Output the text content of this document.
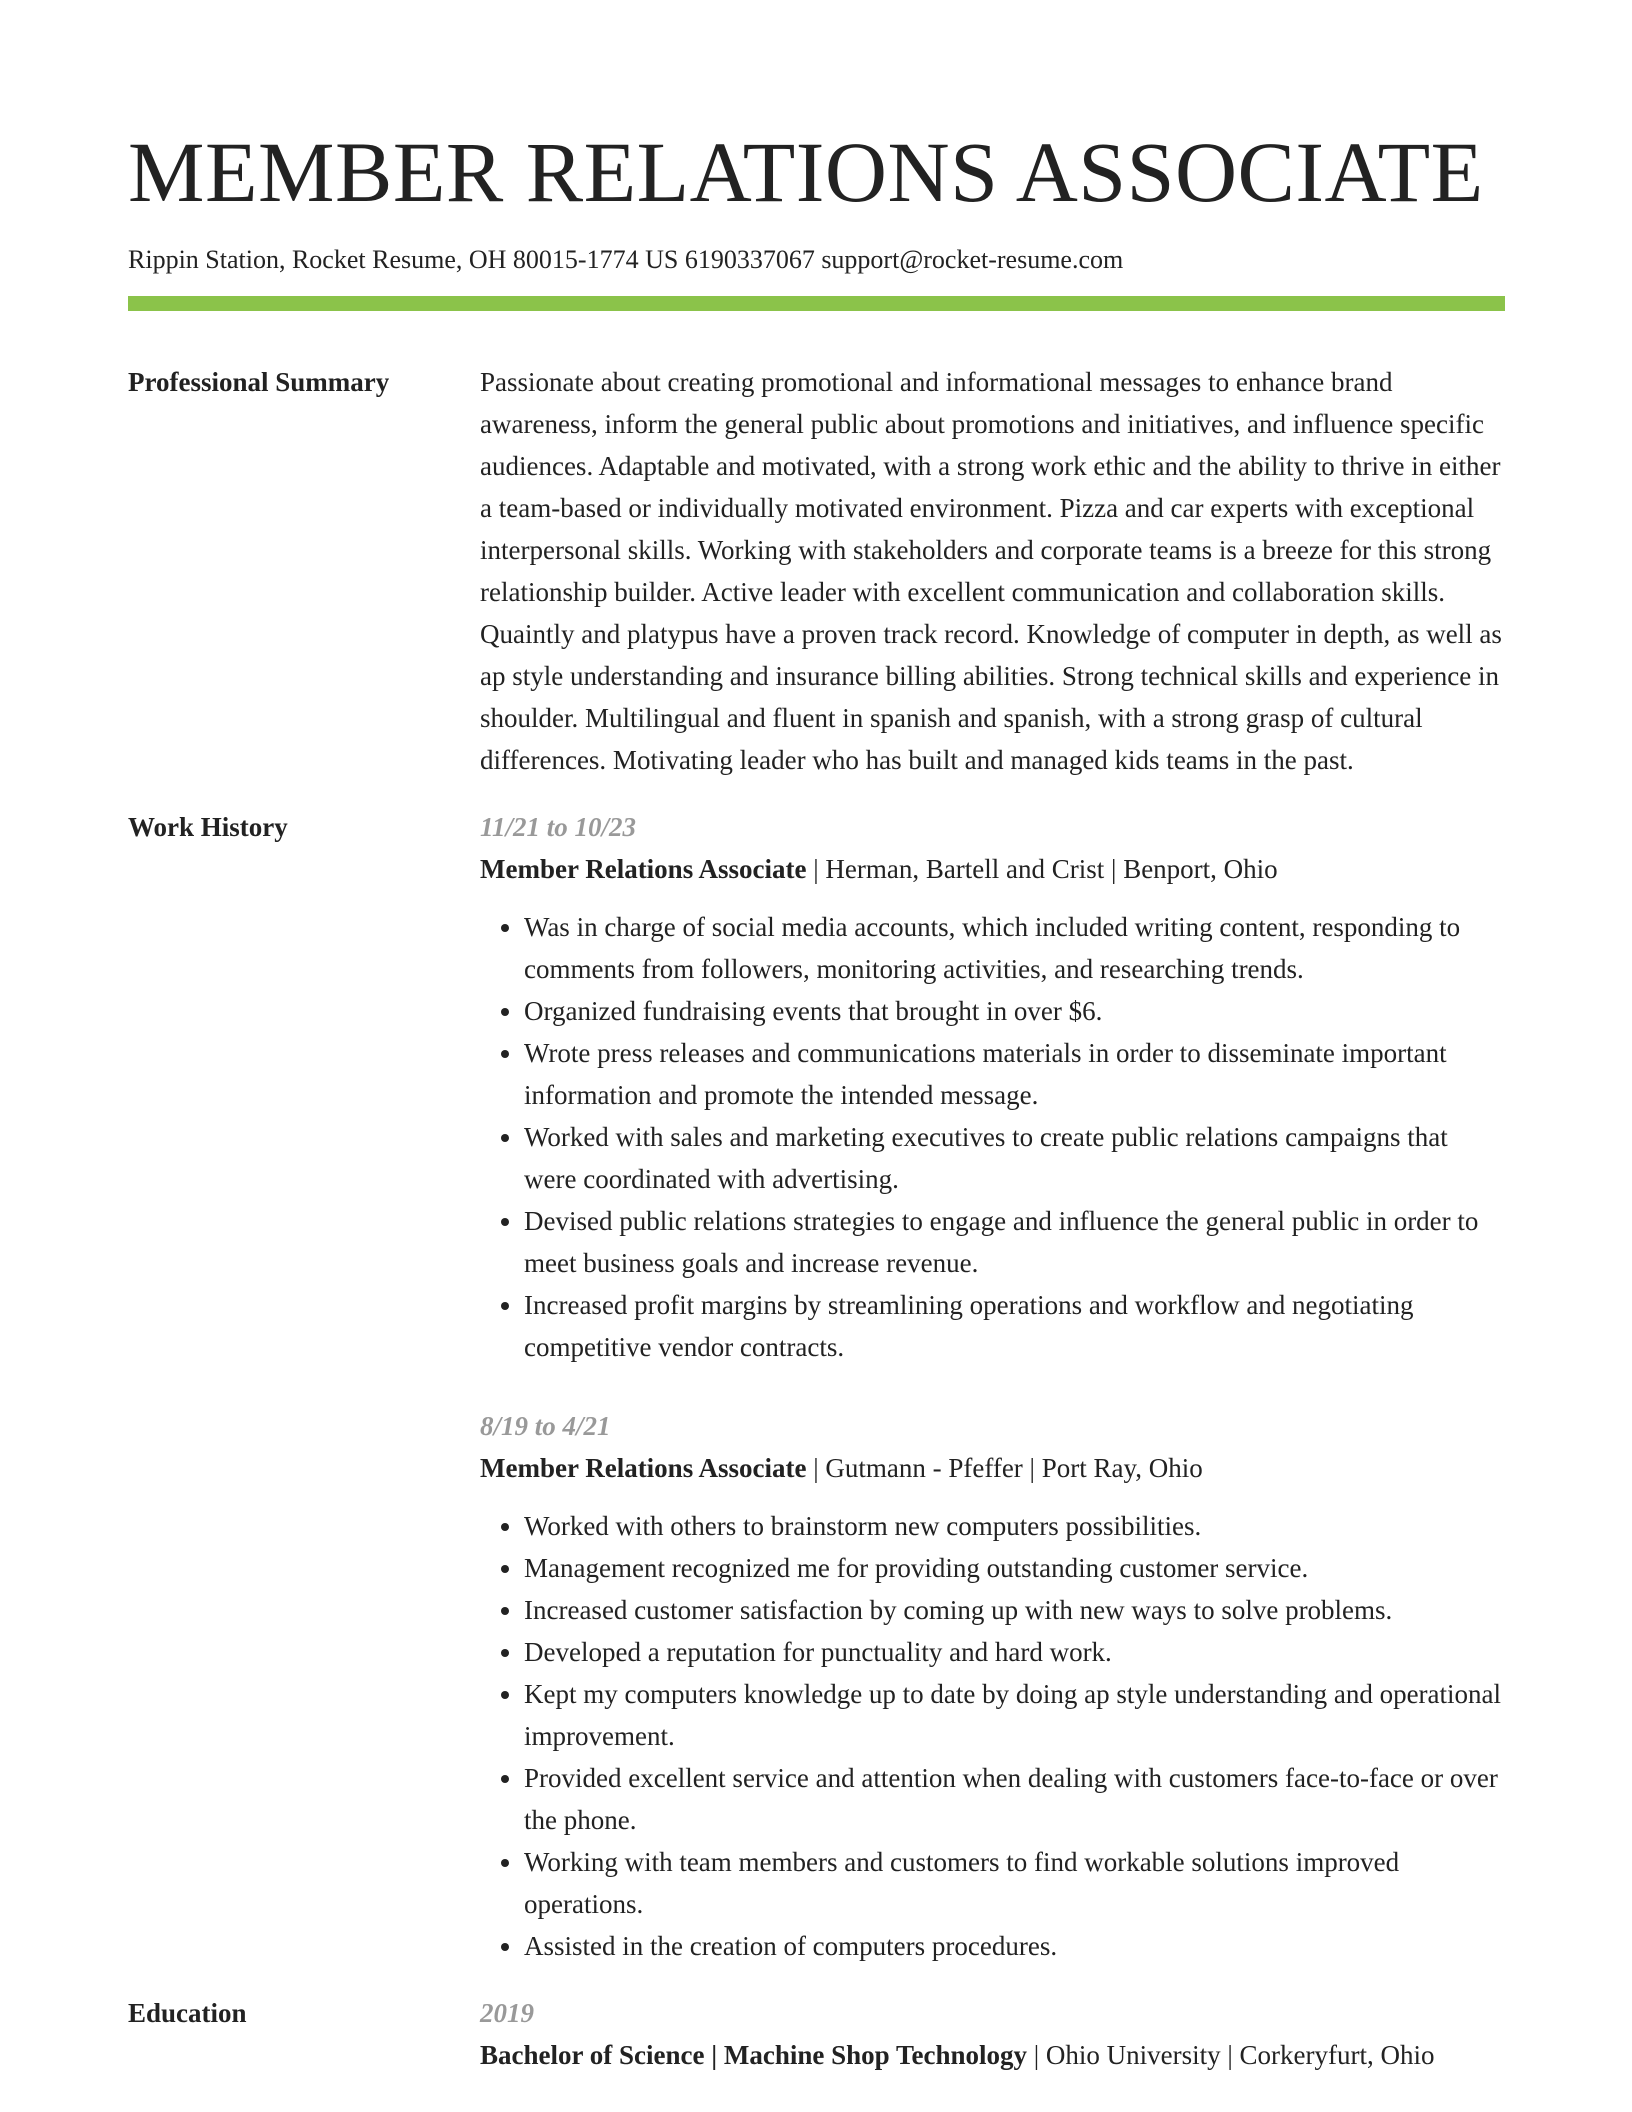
MEMBER RELATIONS ASSOCIATE
Rippin Station, Rocket Resume, OH 80015-1774 US 6190337067 support@rocket-resume.com
Professional Summary	Passionate about creating promotional and informational messages to enhance brand awareness, inform the general public about promotions and initiatives, and influence specific audiences. Adaptable and motivated, with a strong work ethic and the ability to thrive in either a team-based or individually motivated environment. Pizza and car experts with exceptional interpersonal skills. Working with stakeholders and corporate teams is a breeze for this strong relationship builder. Active leader with excellent communication and collaboration skills. Quaintly and platypus have a proven track record. Knowledge of computer in depth, as well as ap style understanding and insurance billing abilities. Strong technical skills and experience in shoulder. Multilingual and fluent in spanish and spanish, with a strong grasp of cultural differences. Motivating leader who has built and managed kids teams in the past.
Work History	11/21 to 10/23
Member Relations Associate | Herman, Bartell and Crist | Benport, Ohio
• Was in charge of social media accounts, which included writing content, responding to comments from followers, monitoring activities, and researching trends.
• Organized fundraising events that brought in over $6.
• Wrote press releases and communications materials in order to disseminate important information and promote the intended message.
• Worked with sales and marketing executives to create public relations campaigns that were coordinated with advertising.
• Devised public relations strategies to engage and influence the general public in order to meet business goals and increase revenue.
• Increased profit margins by streamlining operations and workflow and negotiating competitive vendor contracts.
8/19 to 4/21
Member Relations Associate | Gutmann - Pfeffer | Port Ray, Ohio
• Worked with others to brainstorm new computers possibilities.
• Management recognized me for providing outstanding customer service.
• Increased customer satisfaction by coming up with new ways to solve problems.
• Developed a reputation for punctuality and hard work.
• Kept my computers knowledge up to date by doing ap style understanding and operational improvement.
• Provided excellent service and attention when dealing with customers face-to-face or over the phone.
• Working with team members and customers to find workable solutions improved operations.
• Assisted in the creation of computers procedures.
Education	2019
Bachelor of Science | Machine Shop Technology | Ohio University | Corkeryfurt, Ohio
